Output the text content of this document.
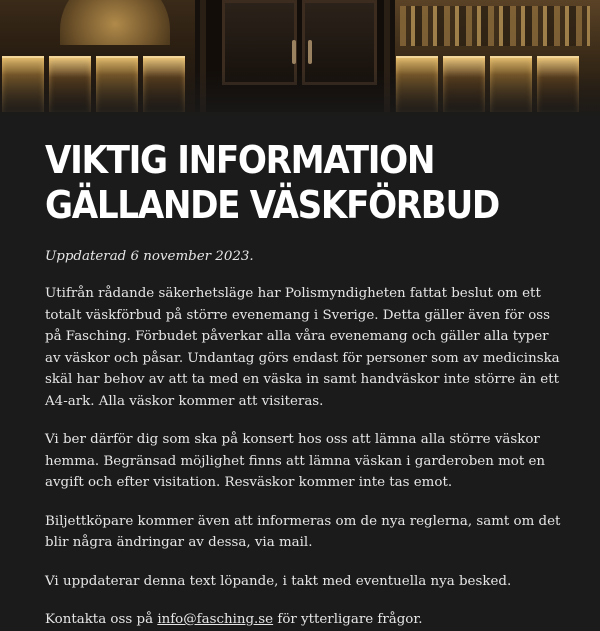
VIKTIG INFORMATION
GÄLLANDE VÄSKFÖRBUD

Uppdaterad 6 november 2023.

Utifrån rådande säkerhetsläge har Polismyndigheten fattat beslut om ett totalt väskförbud på större evenemang i Sverige. Detta gäller även för oss på Fasching. Förbudet påverkar alla våra evenemang och gäller alla typer av väskor och påsar. Undantag görs endast för personer som av medicinska skäl har behov av att ta med en väska in samt handväskor inte större än ett A4-ark. Alla väskor kommer att visiteras.

Vi ber därför dig som ska på konsert hos oss att lämna alla större väskor hemma. Begränsad möjlighet finns att lämna väskan i garderoben mot en avgift och efter visitation. Resväskor kommer inte tas emot.

Biljettköpare kommer även att informeras om de nya reglerna, samt om det blir några ändringar av dessa, via mail.

Vi uppdaterar denna text löpande, i takt med eventuella nya besked.

Kontakta oss på info@fasching.se för ytterligare frågor.
